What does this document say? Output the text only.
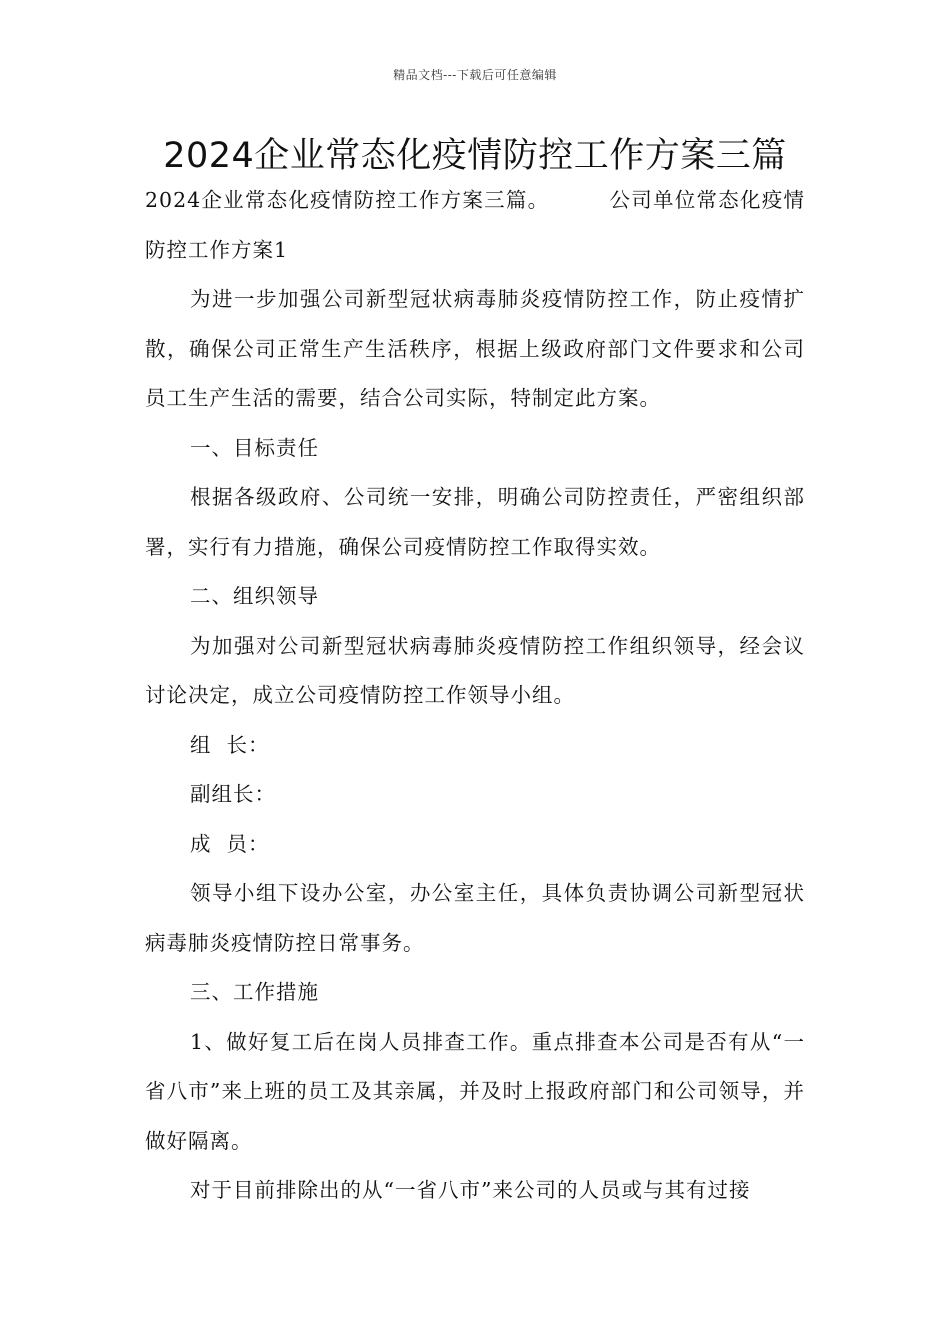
精品文档---下载后可任意编辑
2024企业常态化疫情防控工作方案三篇

2024企业常态化疫情防控工作方案三篇。	公司单位常态化疫情防控工作方案1

为进一步加强公司新型冠状病毒肺炎疫情防控工作，防止疫情扩散，确保公司正常生产生活秩序，根据上级政府部门文件要求和公司员工生产生活的需要，结合公司实际，特制定此方案。

一、目标责任

根据各级政府、公司统一安排，明确公司防控责任，严密组织部署，实行有力措施，确保公司疫情防控工作取得实效。

二、组织领导

为加强对公司新型冠状病毒肺炎疫情防控工作组织领导，经会议讨论决定，成立公司疫情防控工作领导小组。

组  长：

副组长：

成  员：

领导小组下设办公室，办公室主任，具体负责协调公司新型冠状病毒肺炎疫情防控日常事务。

三、工作措施

1、做好复工后在岗人员排查工作。重点排查本公司是否有从“一省八市”来上班的员工及其亲属，并及时上报政府部门和公司领导，并做好隔离。

对于目前排除出的从“一省八市”来公司的人员或与其有过接
